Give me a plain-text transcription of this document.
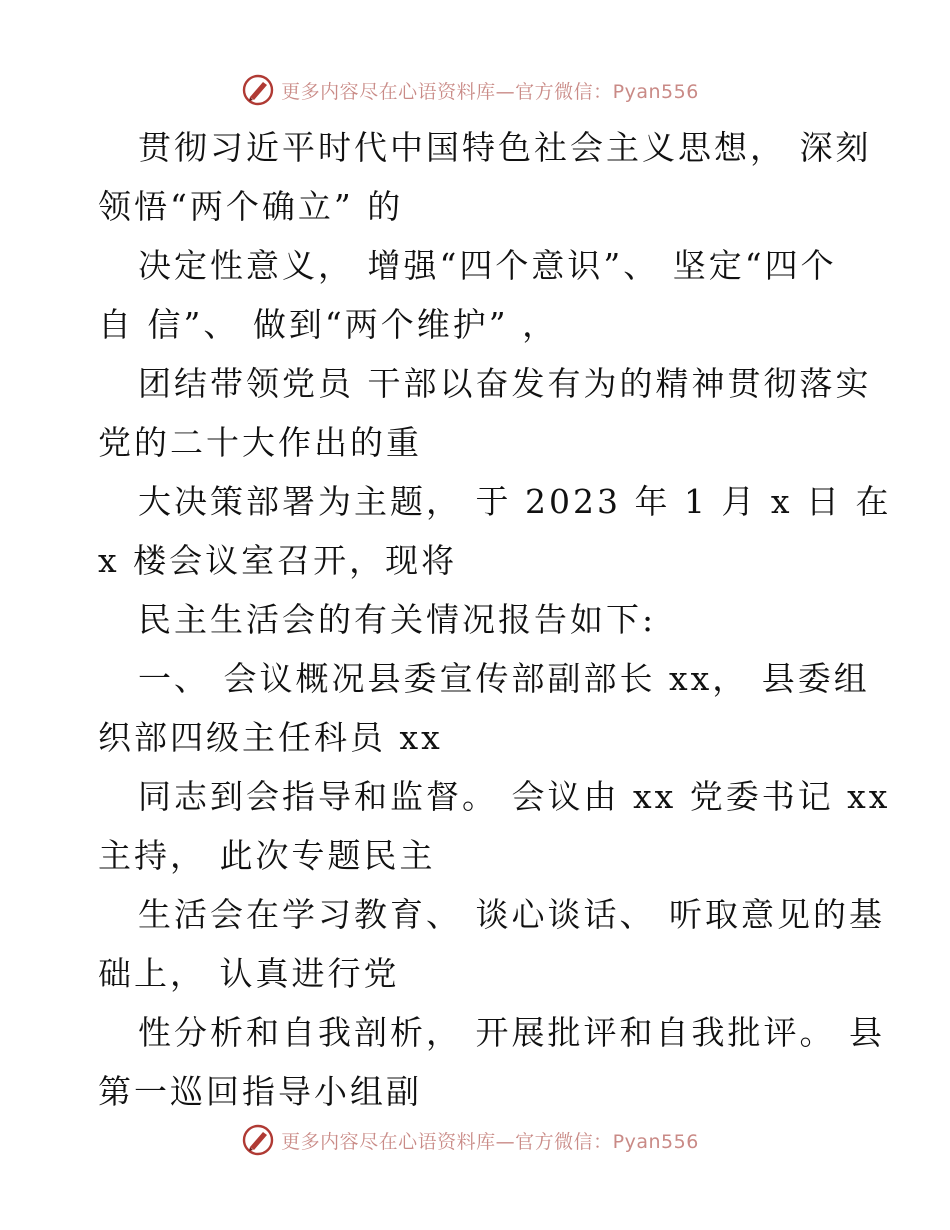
更多内容尽在心语资料库—官方微信：Pyan556

贯彻习近平时代中国特色社会主义思想， 深刻
领悟“两个确立” 的

决定性意义， 增强“四个意识”、 坚定“四个
自 信”、 做到“两个维护” ，

团结带领党员 干部以奋发有为的精神贯彻落实
党的二十大作出的重

大决策部署为主题， 于 2023 年 1 月 x 日 在
x 楼会议室召开，现将

民主生活会的有关情况报告如下:

一、 会议概况县委宣传部副部长 xx， 县委组
织部四级主任科员 xx

同志到会指导和监督。 会议由 xx 党委书记 xx
主持， 此次专题民主

生活会在学习教育、 谈心谈话、 听取意见的基
础上， 认真进行党

性分析和自我剖析， 开展批评和自我批评。 县
第一巡回指导小组副

更多内容尽在心语资料库—官方微信：Pyan556
